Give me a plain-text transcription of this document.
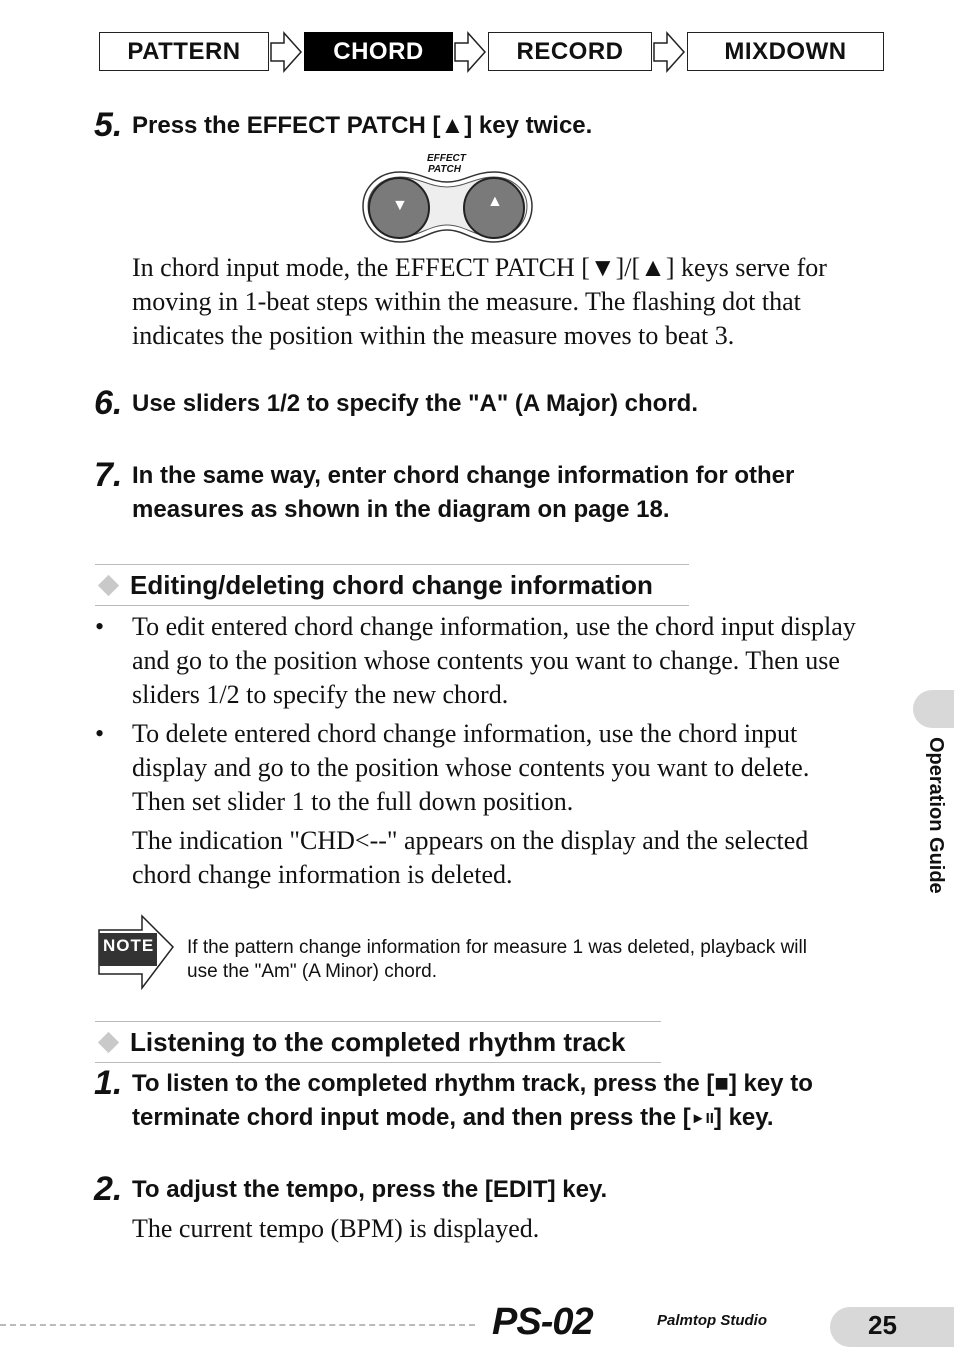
PATTERN	CHORD	RECORD	MIXDOWN
5. Press the EFFECT PATCH [▲] key twice.
EFFECT
PATCH
▼	▲
In chord input mode, the EFFECT PATCH [▼]/[▲] keys serve for
moving in 1-beat steps within the measure. The flashing dot that
indicates the position within the measure moves to beat 3.
6. Use sliders 1/2 to specify the "A" (A Major) chord.
7. In the same way, enter chord change information for other
measures as shown in the diagram on page 18.
Editing/deleting chord change information
• To edit entered chord change information, use the chord input display
and go to the position whose contents you want to change. Then use
sliders 1/2 to specify the new chord.
• To delete entered chord change information, use the chord input
display and go to the position whose contents you want to delete.
Then set slider 1 to the full down position.
The indication "CHD<--" appears on the display and the selected
chord change information is deleted.
NOTE If the pattern change information for measure 1 was deleted, playback will
use the "Am" (A Minor) chord.
Listening to the completed rhythm track
1. To listen to the completed rhythm track, press the [■] key to
terminate chord input mode, and then press the [►II] key.
2. To adjust the tempo, press the [EDIT] key.
The current tempo (BPM) is displayed.
Operation Guide
PS-02	Palmtop Studio	25
